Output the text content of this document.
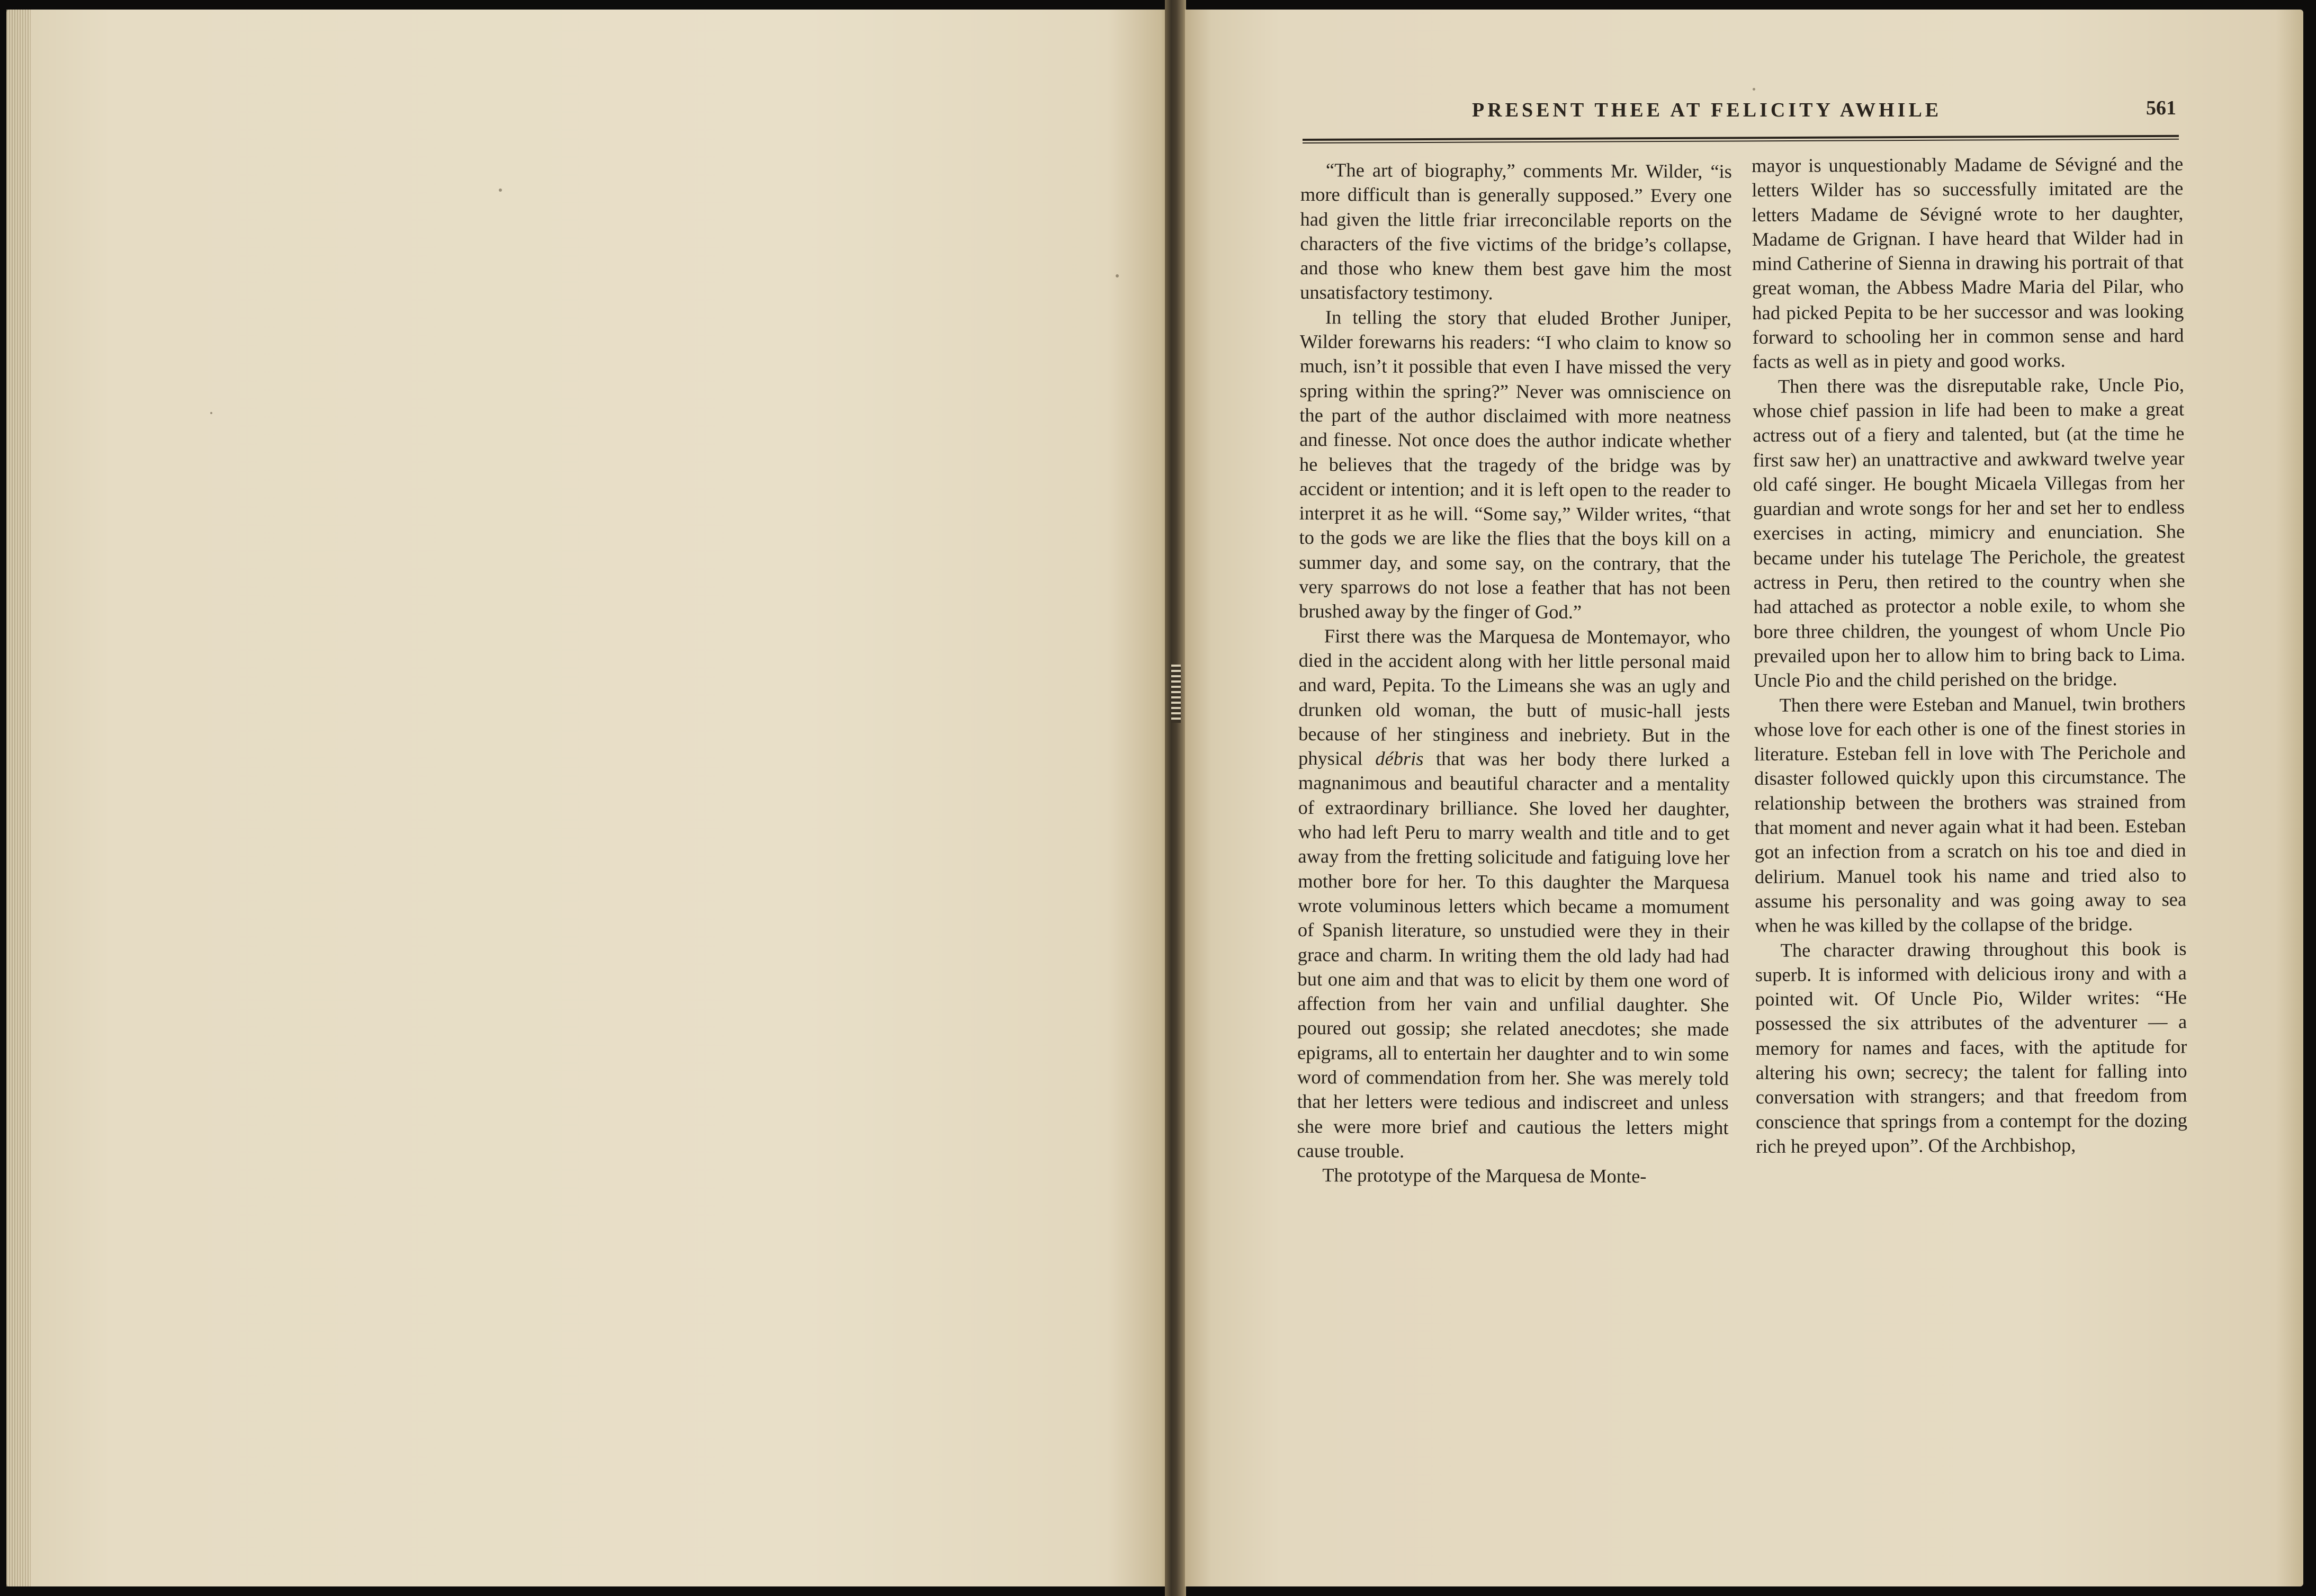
PRESENT THEE AT FELICITY AWHILE	561

“The art of biography,” comments Mr. Wilder, “is more difficult than is generally supposed.” Every one had given the little friar irreconcilable reports on the characters of the five victims of the bridge’s collapse, and those who knew them best gave him the most unsatisfactory testimony.

In telling the story that eluded Brother Juniper, Wilder forewarns his readers: “I who claim to know so much, isn’t it possible that even I have missed the very spring within the spring?” Never was omniscience on the part of the author disclaimed with more neatness and finesse. Not once does the author indicate whether he believes that the tragedy of the bridge was by accident or intention; and it is left open to the reader to interpret it as he will. “Some say,” Wilder writes, “that to the gods we are like the flies that the boys kill on a summer day, and some say, on the contrary, that the very sparrows do not lose a feather that has not been brushed away by the finger of God.”

First there was the Marquesa de Montemayor, who died in the accident along with her little personal maid and ward, Pepita. To the Limeans she was an ugly and drunken old woman, the butt of music-hall jests because of her stinginess and inebriety. But in the physical débris that was her body there lurked a magnanimous and beautiful character and a mentality of extraordinary brilliance. She loved her daughter, who had left Peru to marry wealth and title and to get away from the fretting solicitude and fatiguing love her mother bore for her. To this daughter the Marquesa wrote voluminous letters which became a momument of Spanish literature, so unstudied were they in their grace and charm. In writing them the old lady had had but one aim and that was to elicit by them one word of affection from her vain and unfilial daughter. She poured out gossip; she related anecdotes; she made epigrams, all to entertain her daughter and to win some word of commendation from her. She was merely told that her letters were tedious and indiscreet and unless she were more brief and cautious the letters might cause trouble.

The prototype of the Marquesa de Monte-

mayor is unquestionably Madame de Sévigné and the letters Wilder has so successfully imitated are the letters Madame de Sévigné wrote to her daughter, Madame de Grignan. I have heard that Wilder had in mind Catherine of Sienna in drawing his portrait of that great woman, the Abbess Madre Maria del Pilar, who had picked Pepita to be her successor and was looking forward to schooling her in common sense and hard facts as well as in piety and good works.

Then there was the disreputable rake, Uncle Pio, whose chief passion in life had been to make a great actress out of a fiery and talented, but (at the time he first saw her) an unattractive and awkward twelve year old café singer. He bought Micaela Villegas from her guardian and wrote songs for her and set her to endless exercises in acting, mimicry and enunciation. She became under his tutelage The Perichole, the greatest actress in Peru, then retired to the country when she had attached as protector a noble exile, to whom she bore three children, the youngest of whom Uncle Pio prevailed upon her to allow him to bring back to Lima. Uncle Pio and the child perished on the bridge.

Then there were Esteban and Manuel, twin brothers whose love for each other is one of the finest stories in literature. Esteban fell in love with The Perichole and disaster followed quickly upon this circumstance. The relationship between the brothers was strained from that moment and never again what it had been. Esteban got an infection from a scratch on his toe and died in delirium. Manuel took his name and tried also to assume his personality and was going away to sea when he was killed by the collapse of the bridge.

The character drawing throughout this book is superb. It is informed with delicious irony and with a pointed wit. Of Uncle Pio, Wilder writes: “He possessed the six attributes of the adventurer — a memory for names and faces, with the aptitude for altering his own; secrecy; the talent for falling into conversation with strangers; and that freedom from conscience that springs from a contempt for the dozing rich he preyed upon”. Of the Archbishop,
